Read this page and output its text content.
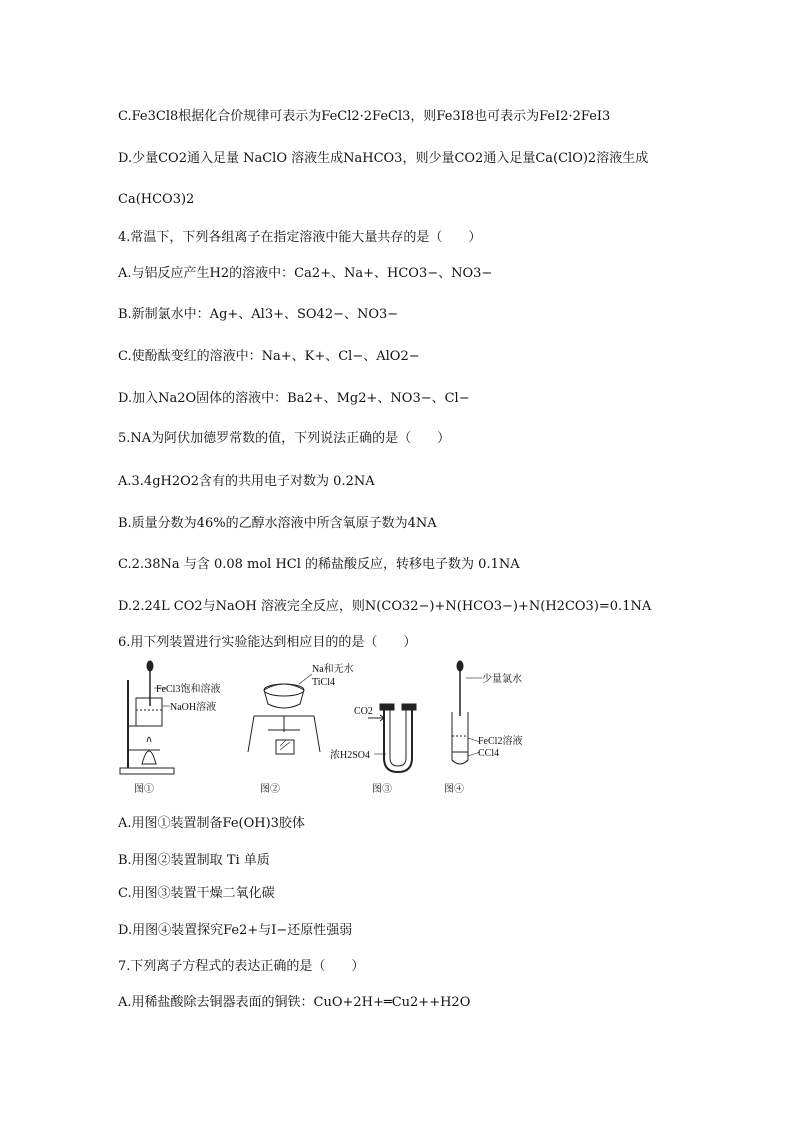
C.Fe3Cl8根据化合价规律可表示为FeCl2·2FeCl3，则Fe3I8也可表示为FeI2·2FeI3
D.少量CO2通入足量 NaClO 溶液生成NaHCO3，则少量CO2通入足量Ca(ClO)2溶液生成
Ca(HCO3)2
4.常温下，下列各组离子在指定溶液中能大量共存的是（　　）
A.与铝反应产生H2的溶液中：Ca2+、Na+、HCO3−、NO3−
B.新制氯水中：Ag+、Al3+、SO42−、NO3−
C.使酚酞变红的溶液中：Na+、K+、Cl−、AlO2−
D.加入Na2O固体的溶液中：Ba2+、Mg2+、NO3−、Cl−
5.NA为阿伏加德罗常数的值，下列说法正确的是（　　）
A.3.4gH2O2含有的共用电子对数为 0.2NA
B.质量分数为46%的乙醇水溶液中所含氧原子数为4NA
C.2.38Na 与含 0.08 mol HCl 的稀盐酸反应，转移电子数为 0.1NA
D.2.24L CO2与NaOH 溶液完全反应，则N(CO32−)+N(HCO3−)+N(H2CO3)=0.1NA
6.用下列装置进行实验能达到相应目的的是（　　）
FeCl3饱和溶液
NaOH溶液
Na和无水
TiCl4
CO2
浓H2SO4
少量氯水
FeCl2溶液
CCl4
图①	图②	图③	图④
A.用图①装置制备Fe(OH)3胶体
B.用图②装置制取 Ti 单质
C.用图③装置干燥二氧化碳
D.用图④装置探究Fe2+与I−还原性强弱
7.下列离子方程式的表达正确的是（　　）
A.用稀盐酸除去铜器表面的铜铁：CuO+2H+═Cu2++H2O
